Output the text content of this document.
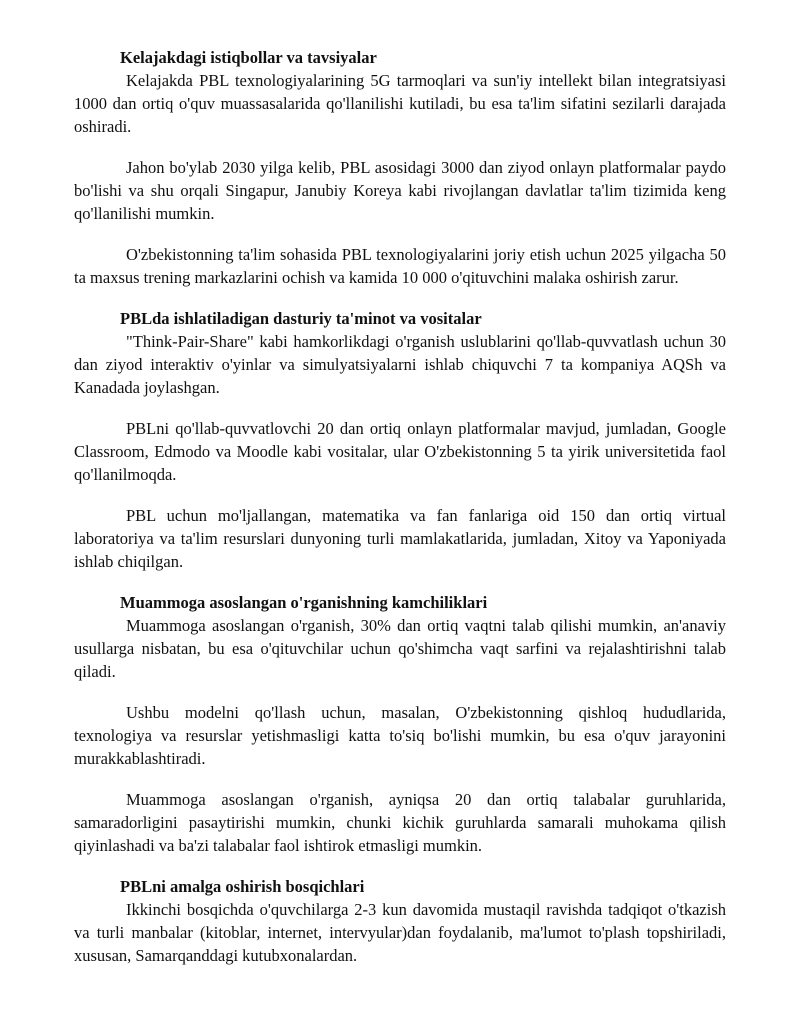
Kelajakdagi istiqbollar va tavsiyalar

Kelajakda PBL texnologiyalarining 5G tarmoqlari va sun'iy intellekt bilan integratsiyasi 1000 dan ortiq o'quv muassasalarida qo'llanilishi kutiladi, bu esa ta'lim sifatini sezilarli darajada oshiradi.

Jahon bo'ylab 2030 yilga kelib, PBL asosidagi 3000 dan ziyod onlayn platformalar paydo bo'lishi va shu orqali Singapur, Janubiy Koreya kabi rivojlangan davlatlar ta'lim tizimida keng qo'llanilishi mumkin.

O'zbekistonning ta'lim sohasida PBL texnologiyalarini joriy etish uchun 2025 yilgacha 50 ta maxsus trening markazlarini ochish va kamida 10 000 o'qituvchini malaka oshirish zarur.

PBLda ishlatiladigan dasturiy ta'minot va vositalar

"Think-Pair-Share" kabi hamkorlikdagi o'rganish uslublarini qo'llab-quvvatlash uchun 30 dan ziyod interaktiv o'yinlar va simulyatsiyalarni ishlab chiquvchi 7 ta kompaniya AQSh va Kanadada joylashgan.

PBLni qo'llab-quvvatlovchi 20 dan ortiq onlayn platformalar mavjud, jumladan, Google Classroom, Edmodo va Moodle kabi vositalar, ular O'zbekistonning 5 ta yirik universitetida faol qo'llanilmoqda.

PBL uchun mo'ljallangan, matematika va fan fanlariga oid 150 dan ortiq virtual laboratoriya va ta'lim resurslari dunyoning turli mamlakatlarida, jumladan, Xitoy va Yaponiyada ishlab chiqilgan.

Muammoga asoslangan o'rganishning kamchiliklari

Muammoga asoslangan o'rganish, 30% dan ortiq vaqtni talab qilishi mumkin, an'anaviy usullarga nisbatan, bu esa o'qituvchilar uchun qo'shimcha vaqt sarfini va rejalashtirishni talab qiladi.

Ushbu modelni qo'llash uchun, masalan, O'zbekistonning qishloq hududlarida, texnologiya va resurslar yetishmasligi katta to'siq bo'lishi mumkin, bu esa o'quv jarayonini murakkablashtiradi.

Muammoga asoslangan o'rganish, ayniqsa 20 dan ortiq talabalar guruhlarida, samaradorligini pasaytirishi mumkin, chunki kichik guruhlarda samarali muhokama qilish qiyinlashadi va ba'zi talabalar faol ishtirok etmasligi mumkin.

PBLni amalga oshirish bosqichlari

Ikkinchi bosqichda o'quvchilarga 2-3 kun davomida mustaqil ravishda tadqiqot o'tkazish va turli manbalar (kitoblar, internet, intervyular)dan foydalanib, ma'lumot to'plash topshiriladi, xususan, Samarqanddagi kutubxonalardan.
